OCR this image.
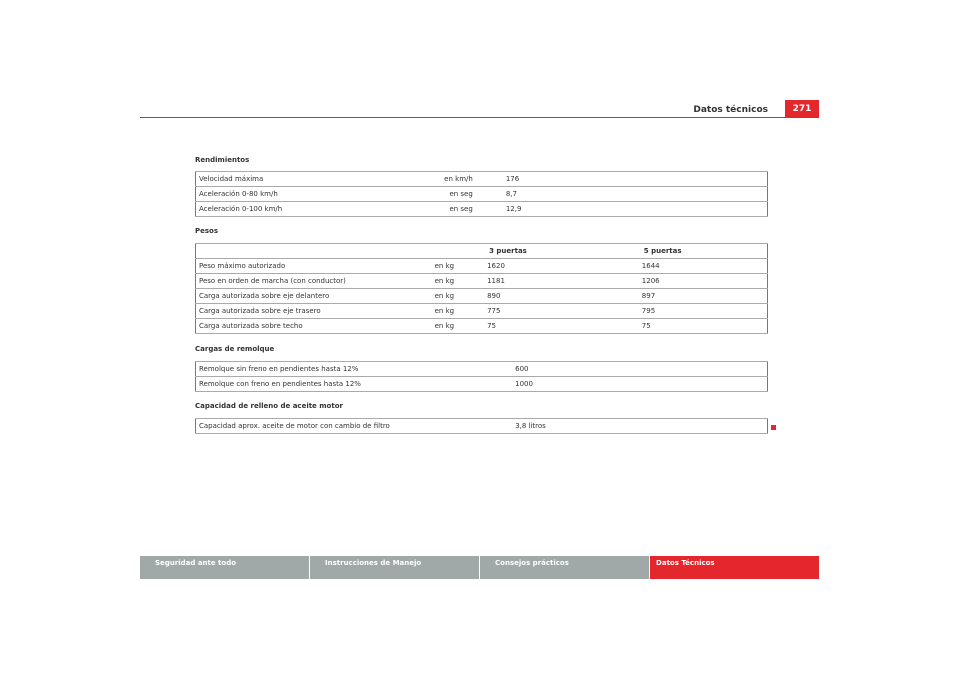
Datos técnicos	271
Rendimientos
Velocidad máxima en km/h	176
Aceleración 0-80 km/h en seg	8,7
Aceleración 0-100 km/h en seg	12,9
Pesos
	3 puertas	5 puertas
Peso máximo autorizado en kg	1620	1644
Peso en orden de marcha (con conductor) en kg	1181	1206
Carga autorizada sobre eje delantero en kg	890	897
Carga autorizada sobre eje trasero en kg	775	795
Carga autorizada sobre techo en kg	75	75
Cargas de remolque
Remolque sin freno en pendientes hasta 12%	600
Remolque con freno en pendientes hasta 12%	1000
Capacidad de relleno de aceite motor
Capacidad aprox. aceite de motor con cambio de filtro	3,8 litros
Seguridad ante todo	Instrucciones de Manejo	Consejos prácticos	Datos Técnicos
